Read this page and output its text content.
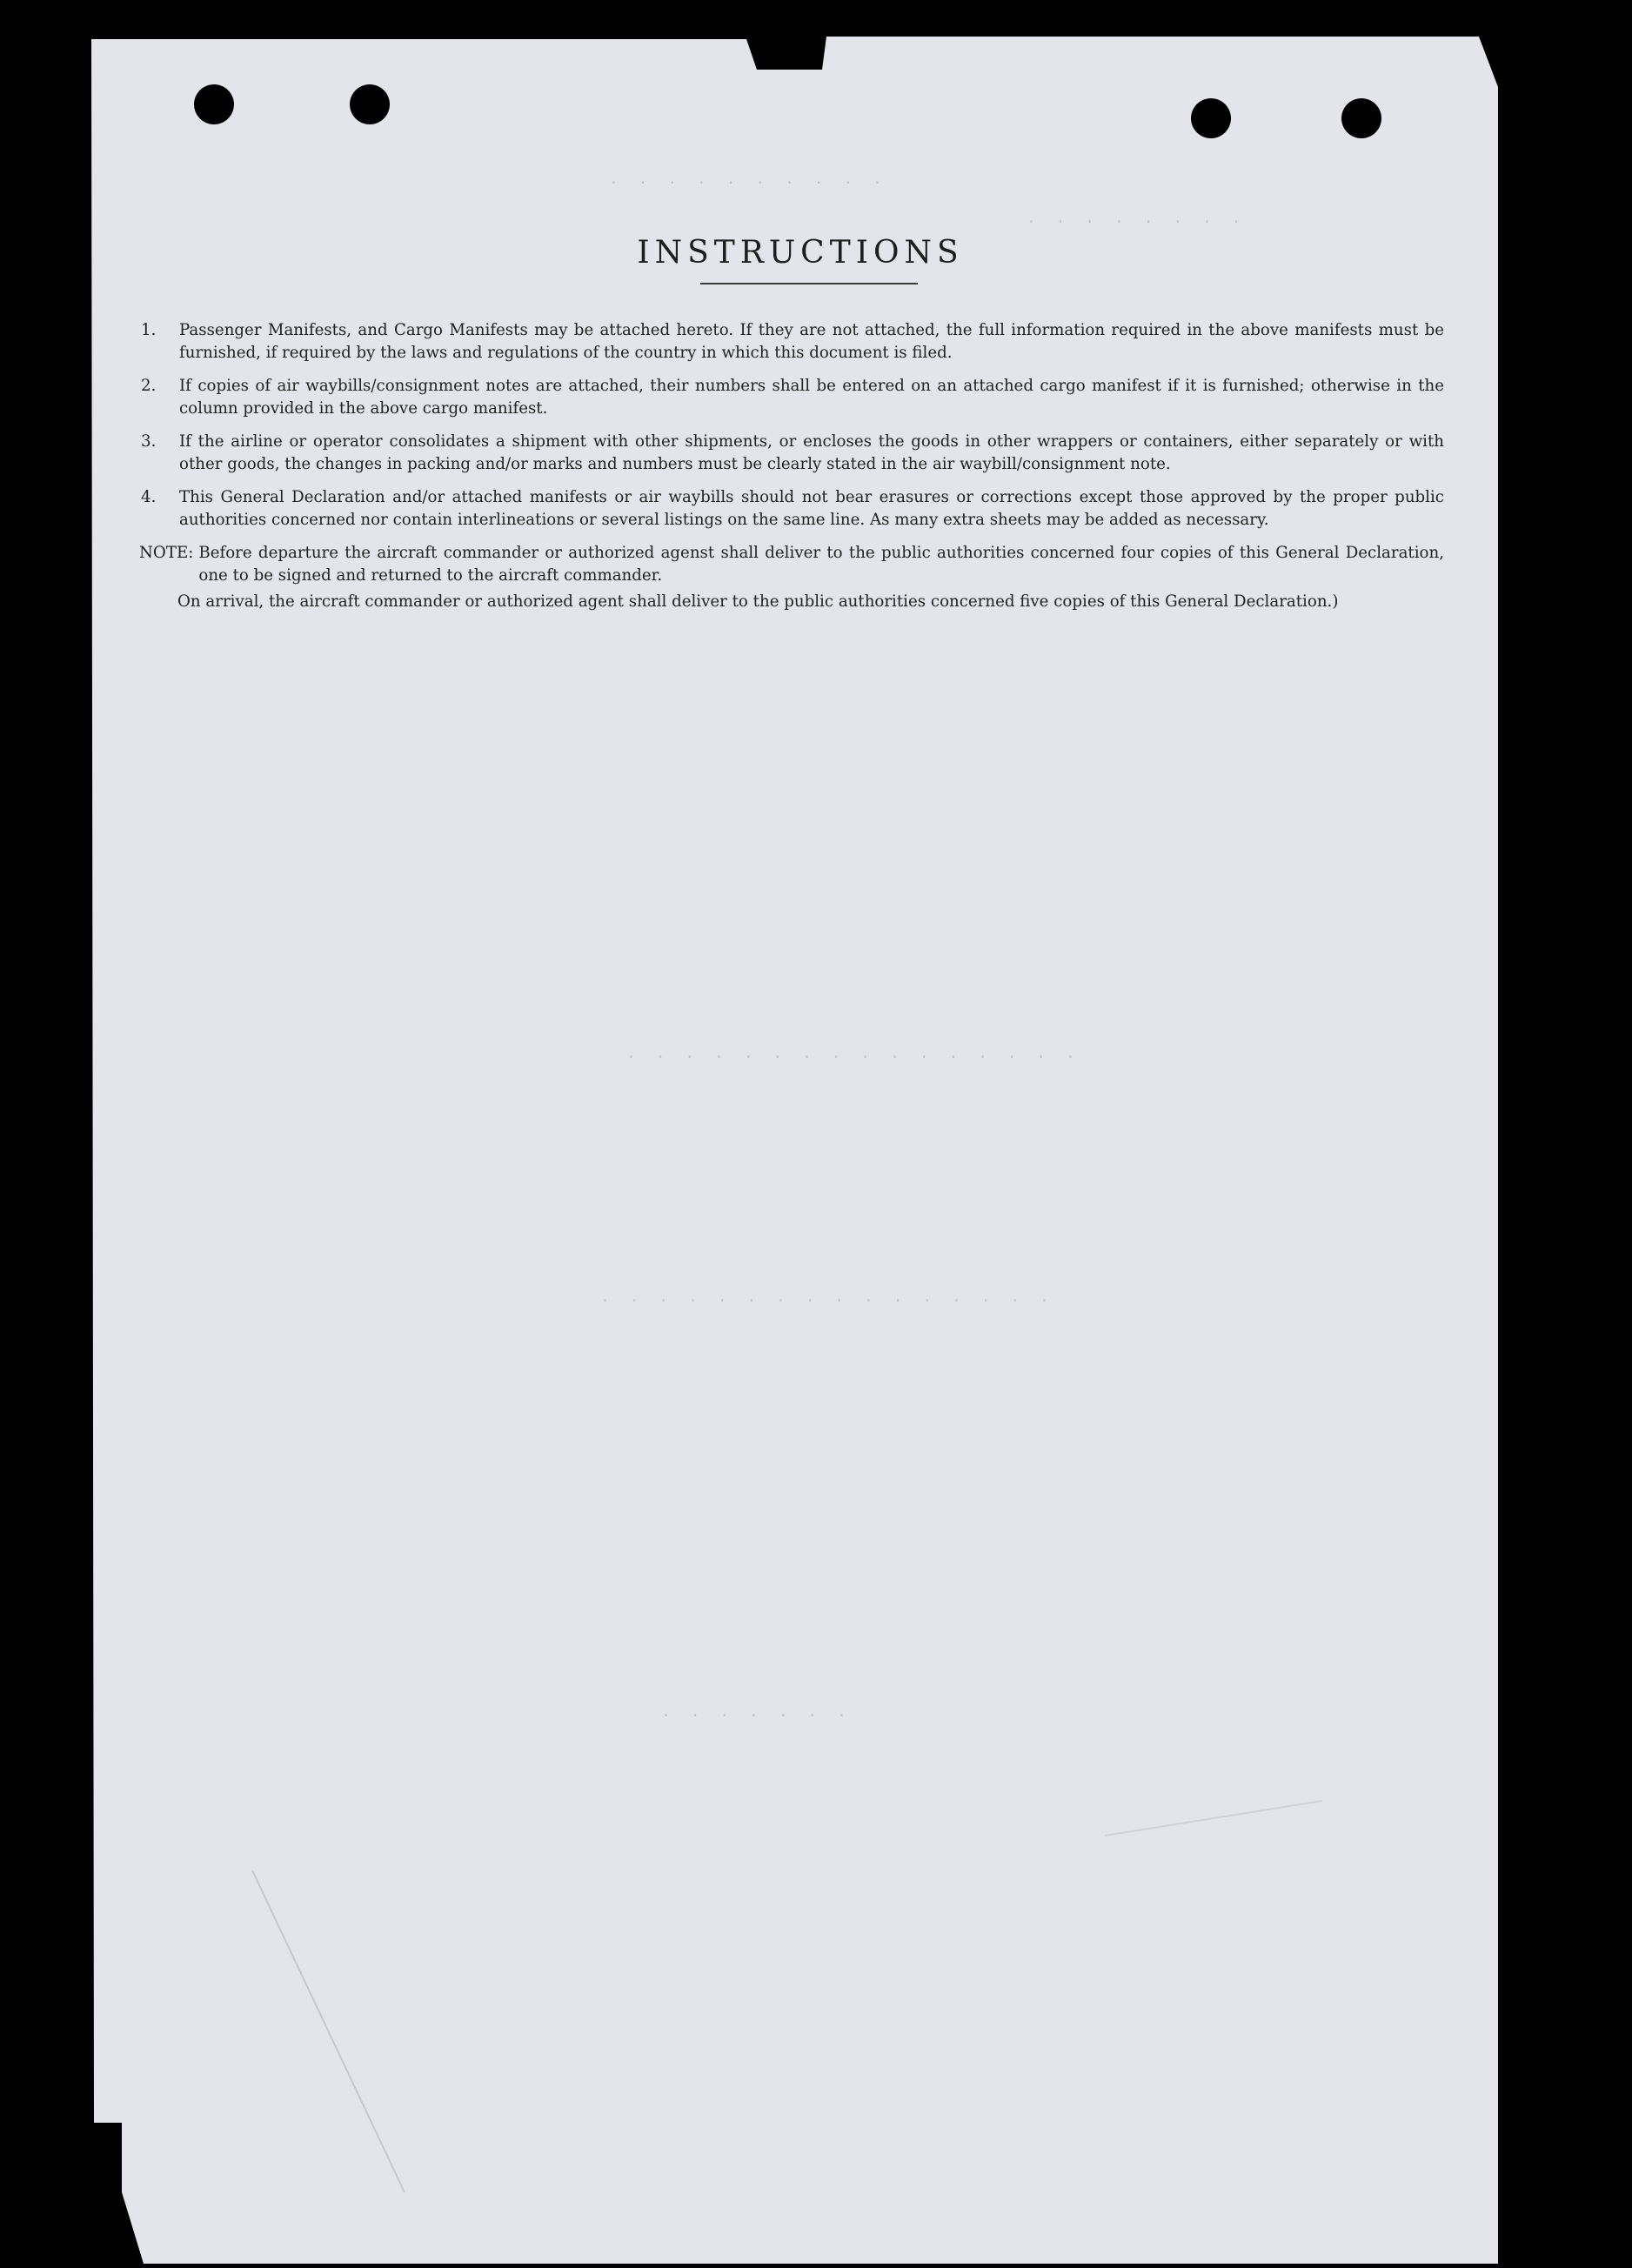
· · · · · · · · · ·
· · · · · · · ·
· · · · · · · · · · · · · · · ·
· · · · · · · · · · · · · · · ·
· · · · · · ·
INSTRUCTIONS
1.	Passenger Manifests, and Cargo Manifests may be attached hereto. If they are not attached, the full information required in the above manifests must be furnished, if required by the laws and regulations of the country in which this document is filed.
2.	If copies of air waybills/consignment notes are attached, their numbers shall be entered on an attached cargo manifest if it is furnished; otherwise in the column provided in the above cargo manifest.
3.	If the airline or operator consolidates a shipment with other shipments, or encloses the goods in other wrappers or containers, either separately or with other goods, the changes in packing and/or marks and numbers must be clearly stated in the air waybill/consignment note.
4.	This General Declaration and/or attached manifests or air waybills should not bear erasures or corrections except those approved by the proper public authorities concerned nor contain interlineations or several listings on the same line. As many extra sheets may be added as necessary.
NOTE: Before departure the aircraft commander or authorized agenst shall deliver to the public authorities concerned four copies of this General Declaration, one to be signed and returned to the aircraft commander.
On arrival, the aircraft commander or authorized agent shall deliver to the public authorities concerned five copies of this General Declaration.)
